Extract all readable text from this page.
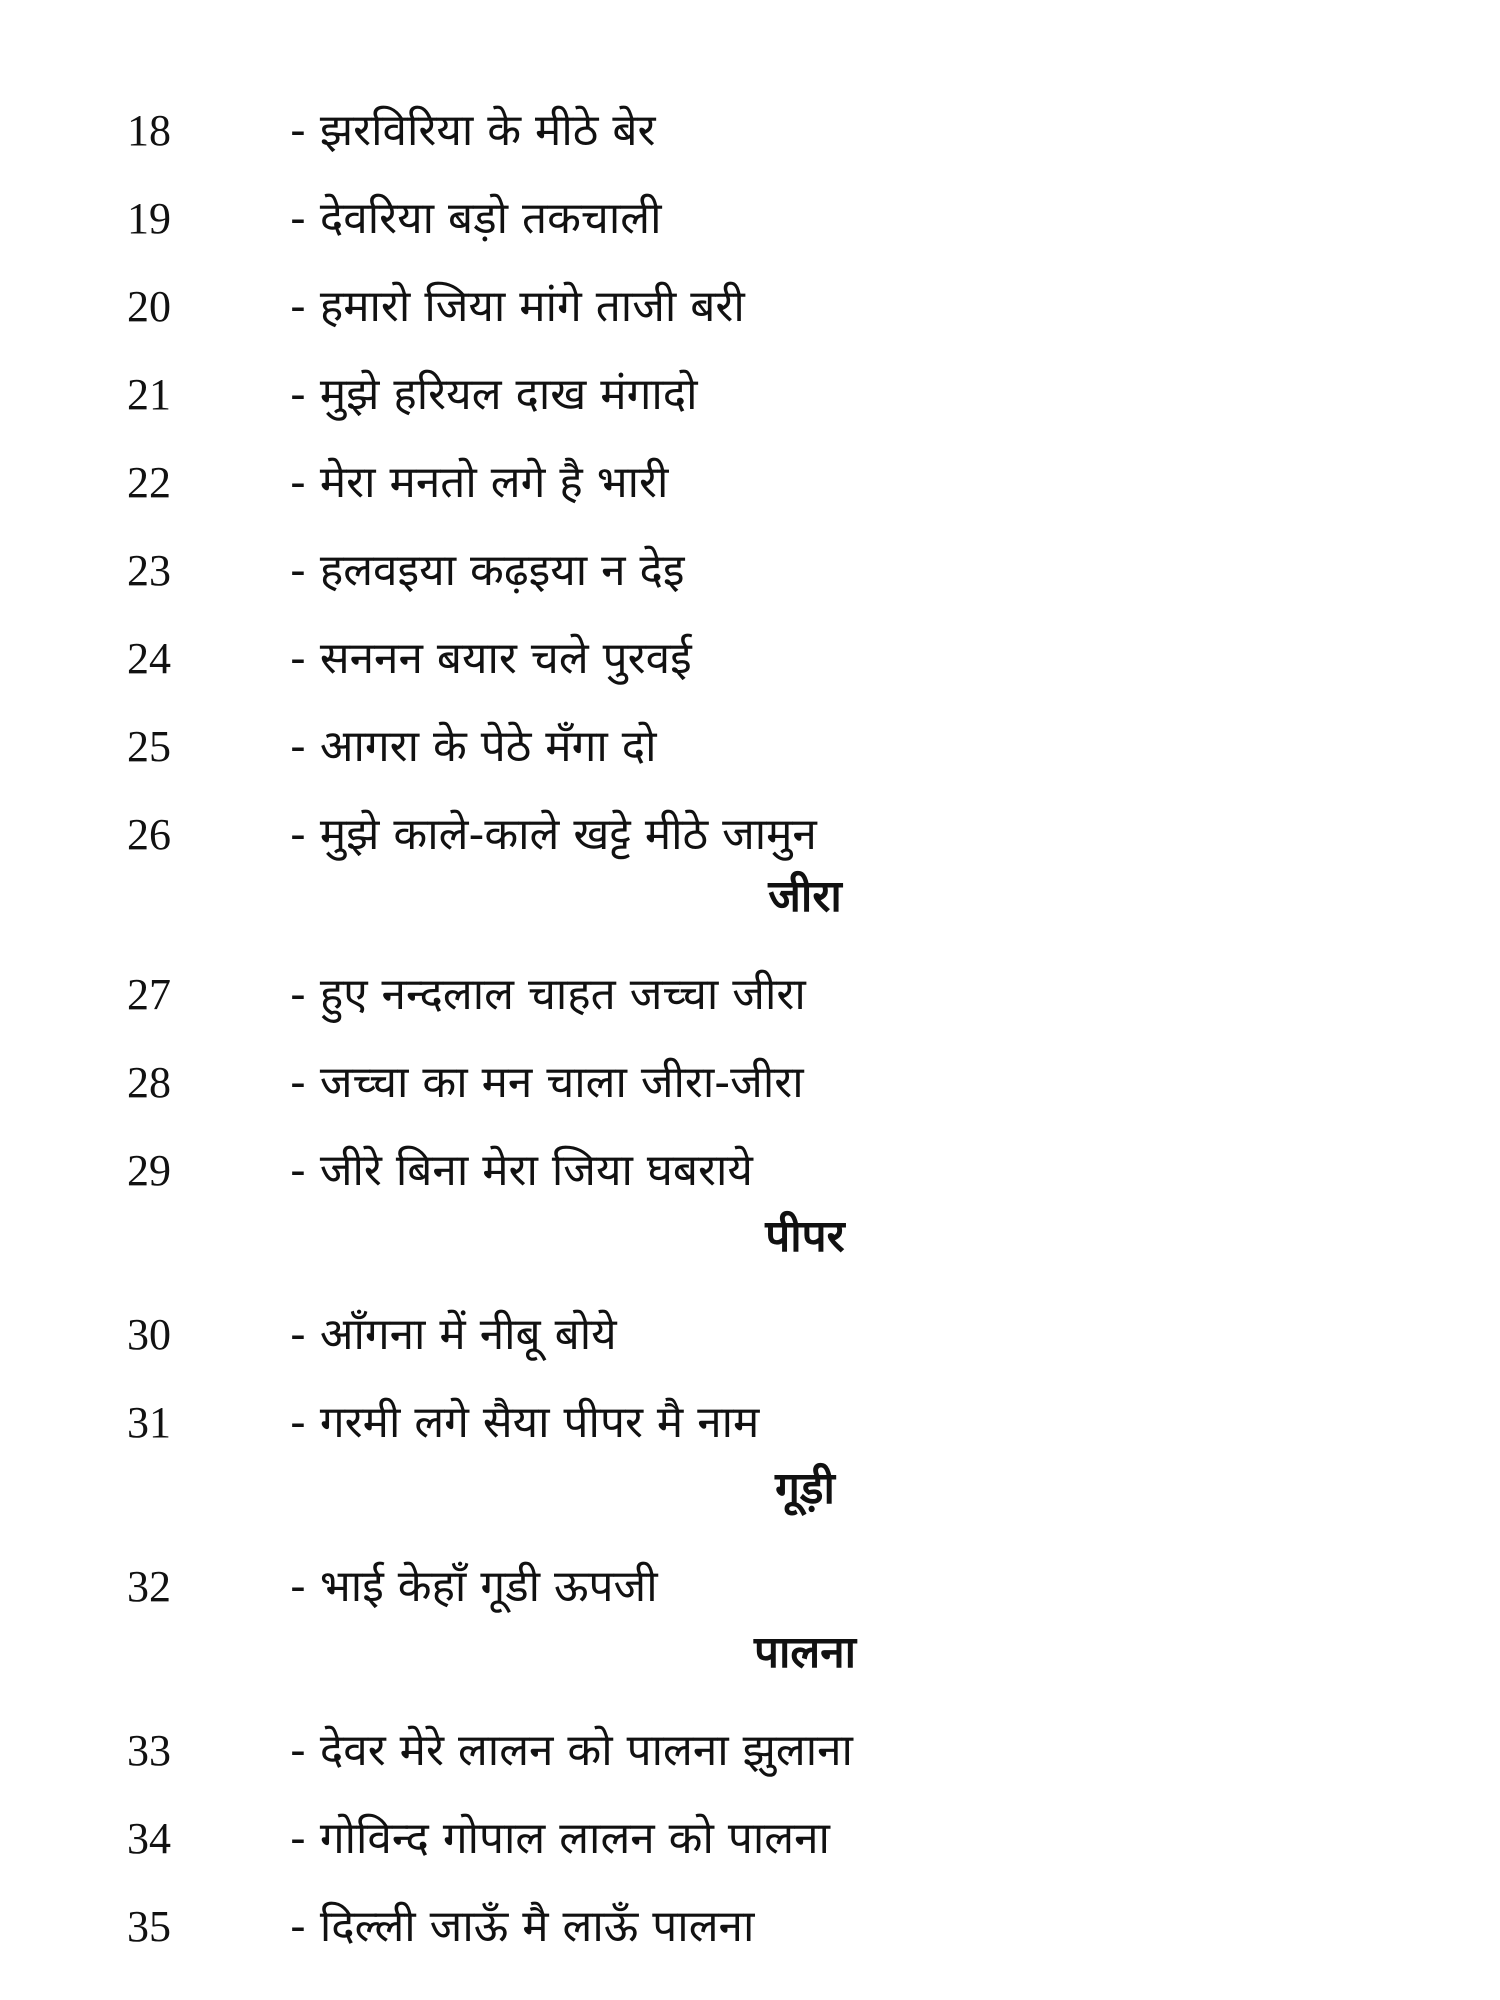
18	- झरविरिया के मीठे बेर
19	- देवरिया बड़ो तकचाली
20	- हमारो जिया मांगे ताजी बरी
21	- मुझे हरियल दाख मंगादो
22	- मेरा मनतो लगे है भारी
23	- हलवइया कढ़इया न देइ
24	- सननन बयार चले पुरवई
25	- आगरा के पेठे मँगा दो
26	- मुझे काले-काले खट्टे मीठे जामुन
जीरा
27	- हुए नन्दलाल चाहत जच्चा जीरा
28	- जच्चा का मन चाला जीरा-जीरा
29	- जीरे बिना मेरा जिया घबराये
पीपर
30	- आँगना में नीबू बोये
31	- गरमी लगे सैया पीपर मै नाम
गूड़ी
32	- भाई केहाँ गूडी ऊपजी
पालना
33	- देवर मेरे लालन को पालना झुलाना
34	- गोविन्द गोपाल लालन को पालना
35	- दिल्ली जाऊँ मै लाऊँ पालना
